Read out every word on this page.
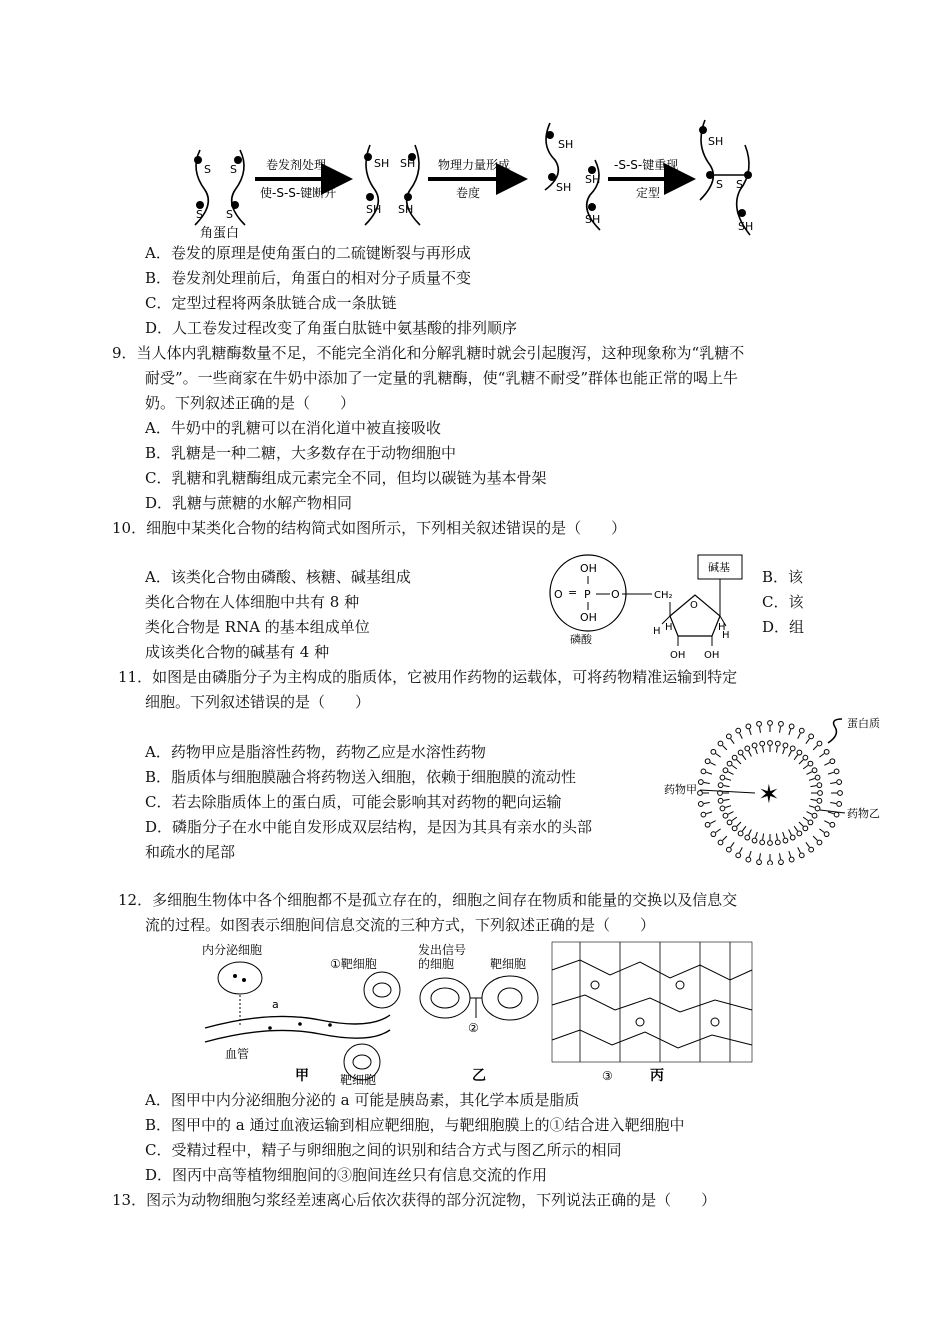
S S
S S
角蛋白
卷发剂处理
使-S-S-键断开
SH SH
SH SH
物理力量形成
卷度
SH
SH
SH
SH
-S-S-键重现
定型
SH
S S
SH
A．卷发的原理是使角蛋白的二硫键断裂与再形成
B．卷发剂处理前后，角蛋白的相对分子质量不变
C．定型过程将两条肽链合成一条肽链
D．人工卷发过程改变了角蛋白肽链中氨基酸的排列顺序
9．当人体内乳糖酶数量不足，不能完全消化和分解乳糖时就会引起腹泻，这种现象称为“乳糖不
耐受”。一些商家在牛奶中添加了一定量的乳糖酶，使“乳糖不耐受”群体也能正常的喝上牛
奶。下列叙述正确的是（　　）
A．牛奶中的乳糖可以在消化道中被直接吸收
B．乳糖是一种二糖，大多数存在于动物细胞中
C．乳糖和乳糖酶组成元素完全不同，但均以碳链为基本骨架
D．乳糖与蔗糖的水解产物相同
10．细胞中某类化合物的结构简式如图所示，下列相关叙述错误的是（　　）
A．该类化合物由磷酸、核糖、碱基组成
类化合物在人体细胞中共有 8 种
类化合物是 RNA 的基本组成单位
成该类化合物的碱基有 4 种
B．该
C．该
D．组
OH
O = P O
OH
磷酸
CH₂
O
H	H
OH OH
H	H
碱基
11．如图是由磷脂分子为主构成的脂质体，它被用作药物的运载体，可将药物精准运输到特定
细胞。下列叙述错误的是（　　）
A．药物甲应是脂溶性药物，药物乙应是水溶性药物
B．脂质体与细胞膜融合将药物送入细胞，依赖于细胞膜的流动性
C．若去除脂质体上的蛋白质，可能会影响其对药物的靶向运输
D．磷脂分子在水中能自发形成双层结构，是因为其具有亲水的头部
和疏水的尾部
✶
药物甲
药物乙
蛋白质
12．多细胞生物体中各个细胞都不是孤立存在的，细胞之间存在物质和能量的交换以及信息交
流的过程。如图表示细胞间信息交流的三种方式，下列叙述正确的是（　　）
内分泌细胞
a
①靶细胞
血管
靶细胞
发出信号
的细胞	靶细胞
②
③
甲	乙	丙
A．图甲中内分泌细胞分泌的 a 可能是胰岛素，其化学本质是脂质
B．图甲中的 a 通过血液运输到相应靶细胞，与靶细胞膜上的①结合进入靶细胞中
C．受精过程中，精子与卵细胞之间的识别和结合方式与图乙所示的相同
D．图丙中高等植物细胞间的③胞间连丝只有信息交流的作用
13．图示为动物细胞匀浆经差速离心后依次获得的部分沉淀物，下列说法正确的是（　　）
